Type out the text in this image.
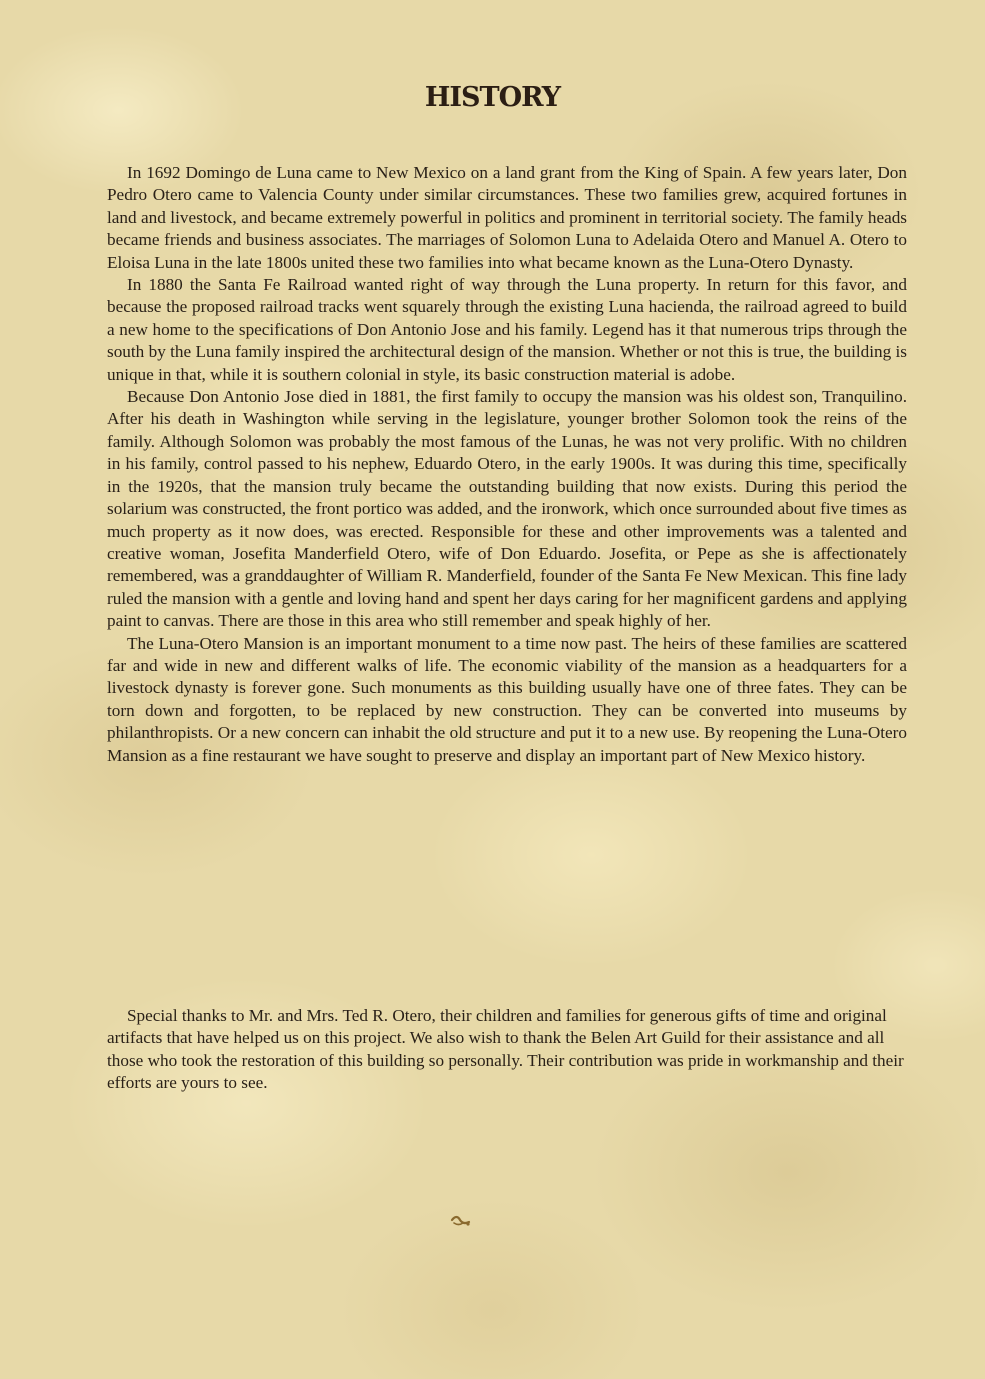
HISTORY

In 1692 Domingo de Luna came to New Mexico on a land grant from the King of Spain. A few years later, Don Pedro Otero came to Valencia County under similar circumstances. These two families grew, acquired fortunes in land and livestock, and became extremely powerful in politics and prominent in territorial society. The family heads became friends and business associates. The marriages of Solomon Luna to Adelaida Otero and Manuel A. Otero to Eloisa Luna in the late 1800s united these two families into what became known as the Luna-Otero Dynasty.

In 1880 the Santa Fe Railroad wanted right of way through the Luna property. In return for this favor, and because the proposed railroad tracks went squarely through the existing Luna hacienda, the railroad agreed to build a new home to the specifications of Don Antonio Jose and his family. Legend has it that numerous trips through the south by the Luna family inspired the architectural design of the mansion. Whether or not this is true, the building is unique in that, while it is southern colonial in style, its basic construction material is adobe.

Because Don Antonio Jose died in 1881, the first family to occupy the mansion was his oldest son, Tranquilino. After his death in Washington while serving in the legislature, younger brother Solomon took the reins of the family. Although Solomon was probably the most famous of the Lunas, he was not very prolific. With no children in his family, control passed to his nephew, Eduardo Otero, in the early 1900s. It was during this time, specifically in the 1920s, that the mansion truly became the outstanding building that now exists. During this period the solarium was constructed, the front portico was added, and the ironwork, which once surrounded about five times as much property as it now does, was erected. Responsible for these and other improvements was a talented and creative woman, Josefita Manderfield Otero, wife of Don Eduardo. Josefita, or Pepe as she is affectionately remembered, was a granddaughter of William R. Manderfield, founder of the Santa Fe New Mexican. This fine lady ruled the mansion with a gentle and loving hand and spent her days caring for her magnificent gardens and applying paint to canvas. There are those in this area who still remember and speak highly of her.

The Luna-Otero Mansion is an important monument to a time now past. The heirs of these families are scattered far and wide in new and different walks of life. The economic viability of the mansion as a headquarters for a livestock dynasty is forever gone. Such monuments as this building usually have one of three fates. They can be torn down and forgotten, to be replaced by new construction. They can be converted into museums by philanthropists. Or a new concern can inhabit the old structure and put it to a new use. By reopening the Luna-Otero Mansion as a fine restaurant we have sought to preserve and display an important part of New Mexico history.

Special thanks to Mr. and Mrs. Ted R. Otero, their children and families for generous gifts of time and original artifacts that have helped us on this project. We also wish to thank the Belen Art Guild for their assistance and all those who took the restoration of this building so personally. Their contribution was pride in workmanship and their efforts are yours to see.
